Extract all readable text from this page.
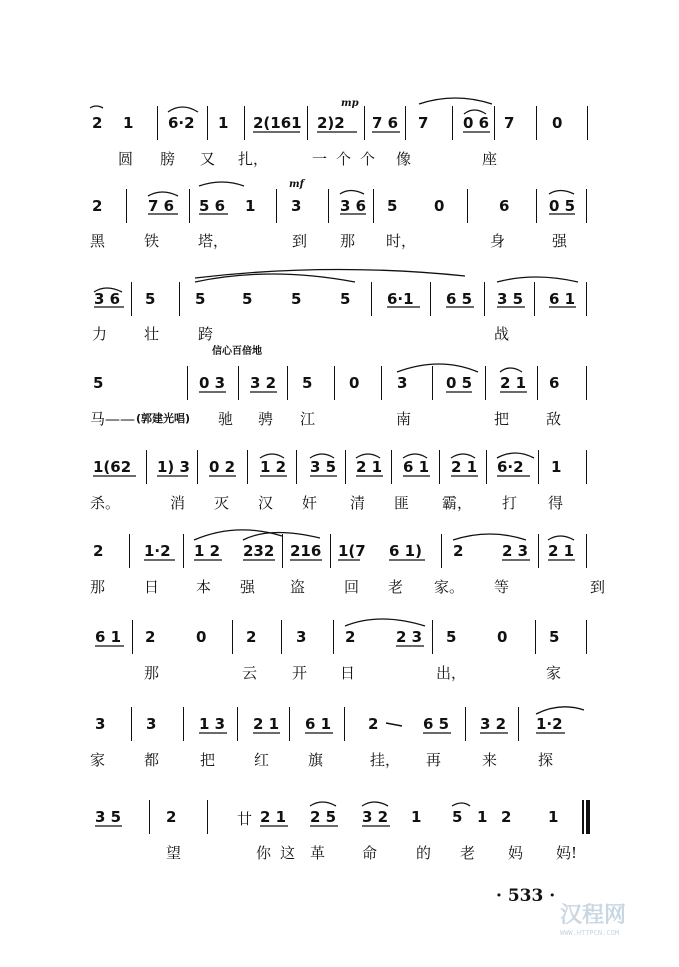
2 1 6·2 1 2(161 2)2
mp
7 6 7 0 6 7	0
圆 膀 又 扎，	一 个 个 像	座
2	7 6 5 6 1 3
mf
3 6 5 0	6	0 5
黑	铁	塔，	到 那 时，	身	强
3 6 5	5 5	5	5 6·1 6 5 3 5 6 1
力 壮	跨	战
信心百倍地
5	0 3 3 2 5 0	3	0 5 2 1 6
马—— (郭建光唱) 驰 骋 江	南	把 敌
1(62 1) 3 0 2 1 2 3 5 2 1 6 1 2 1 6·2 1
杀。	消 灭 汉 奸 清 匪 霸， 打 得
2	1·2 1 2 232 216 1(7 6 1) 2	2 3 2 1
那	日 本 强 盗	回 老 家。 等	到
6 1 2	0	2	3	2	2 3 5	0	5
那	云 开 日	出，	家
3	3	1 3 2 1 6 1 2	6 5 3 2 1·2
家	都	把	红	旗	挂， 再	来	探
3 5	2	廿 2 1 2 5 3 2 1 5 1 2 1
望	你 这 革 命	的 老 妈 妈!
· 533 ·
汉程网
WWW.HTTPCN.COM
